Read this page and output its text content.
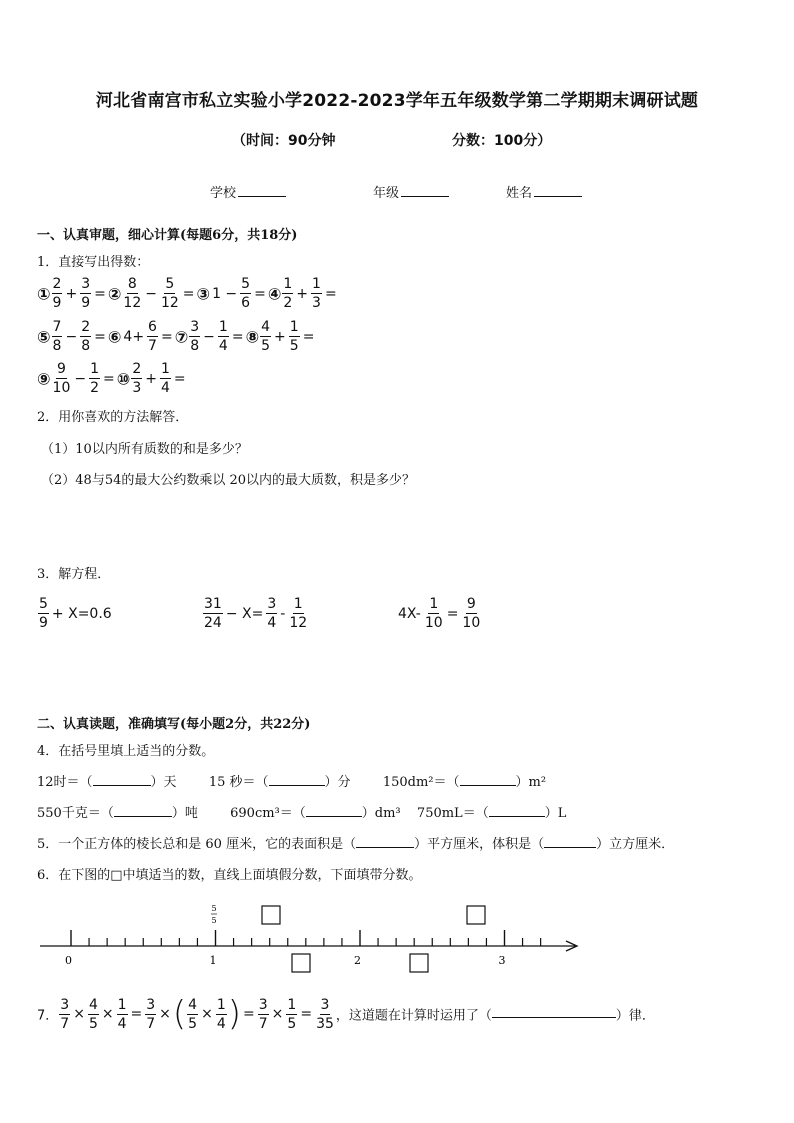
河北省南宫市私立实验小学2022-2023学年五年级数学第二学期期末调研试题
（时间：90分钟	分数：100分）
学校	年级	姓名
一、认真审题，细心计算(每题6分，共18分)
1．直接写出得数：
① $\frac{2}{9} + \frac{3}{9}$ = ② $\frac{8}{12} - \frac{5}{12}$ = ③ $1 - \frac{5}{6}$ = ④ $\frac{1}{2} + \frac{1}{3}$ =
⑤ $\frac{7}{8} - \frac{2}{8}$ = ⑥ $4+ \frac{6}{7}$ = ⑦ $\frac{3}{8} - \frac{1}{4}$ = ⑧ $\frac{4}{5} + \frac{1}{5}$ =
⑨ $\frac{9}{10} - \frac{1}{2}$ = ⑩ $\frac{2}{3} + \frac{1}{4}$ =
2．用你喜欢的方法解答．
（1）10以内所有质数的和是多少？
（2）48与54的最大公约数乘以 20以内的最大质数，积是多少？
3．解方程．
$\frac{5}{9} + X=0.6$	$\frac{31}{24} - X= \frac{3}{4} - \frac{1}{12}$	$4X- \frac{1}{10} = \frac{9}{10}$
二、认真读题，准确填写(每小题2分，共22分)
4．在括号里填上适当的分数。
12时＝（	）天 15 秒＝（	）分 150dm²＝（	）m²
550千克＝（	）吨 690cm³＝（	）dm³ 750mL＝（	）L
5．一个正方体的棱长总和是 60 厘米，它的表面积是（	）平方厘米，体积是（	）立方厘米．
6．在下图的□中填适当的数，直线上面填假分数，下面填带分数。
0	1	2	3
5
5
7． $\frac{3}{7} \times \frac{4}{5} \times \frac{1}{4} = \frac{3}{7}$ ×( $\frac{4}{5} \times \frac{1}{4}$ ) = $\frac{3}{7} \times \frac{1}{5} = \frac{3}{35}$ ，这道题在计算时运用了（	）律．
